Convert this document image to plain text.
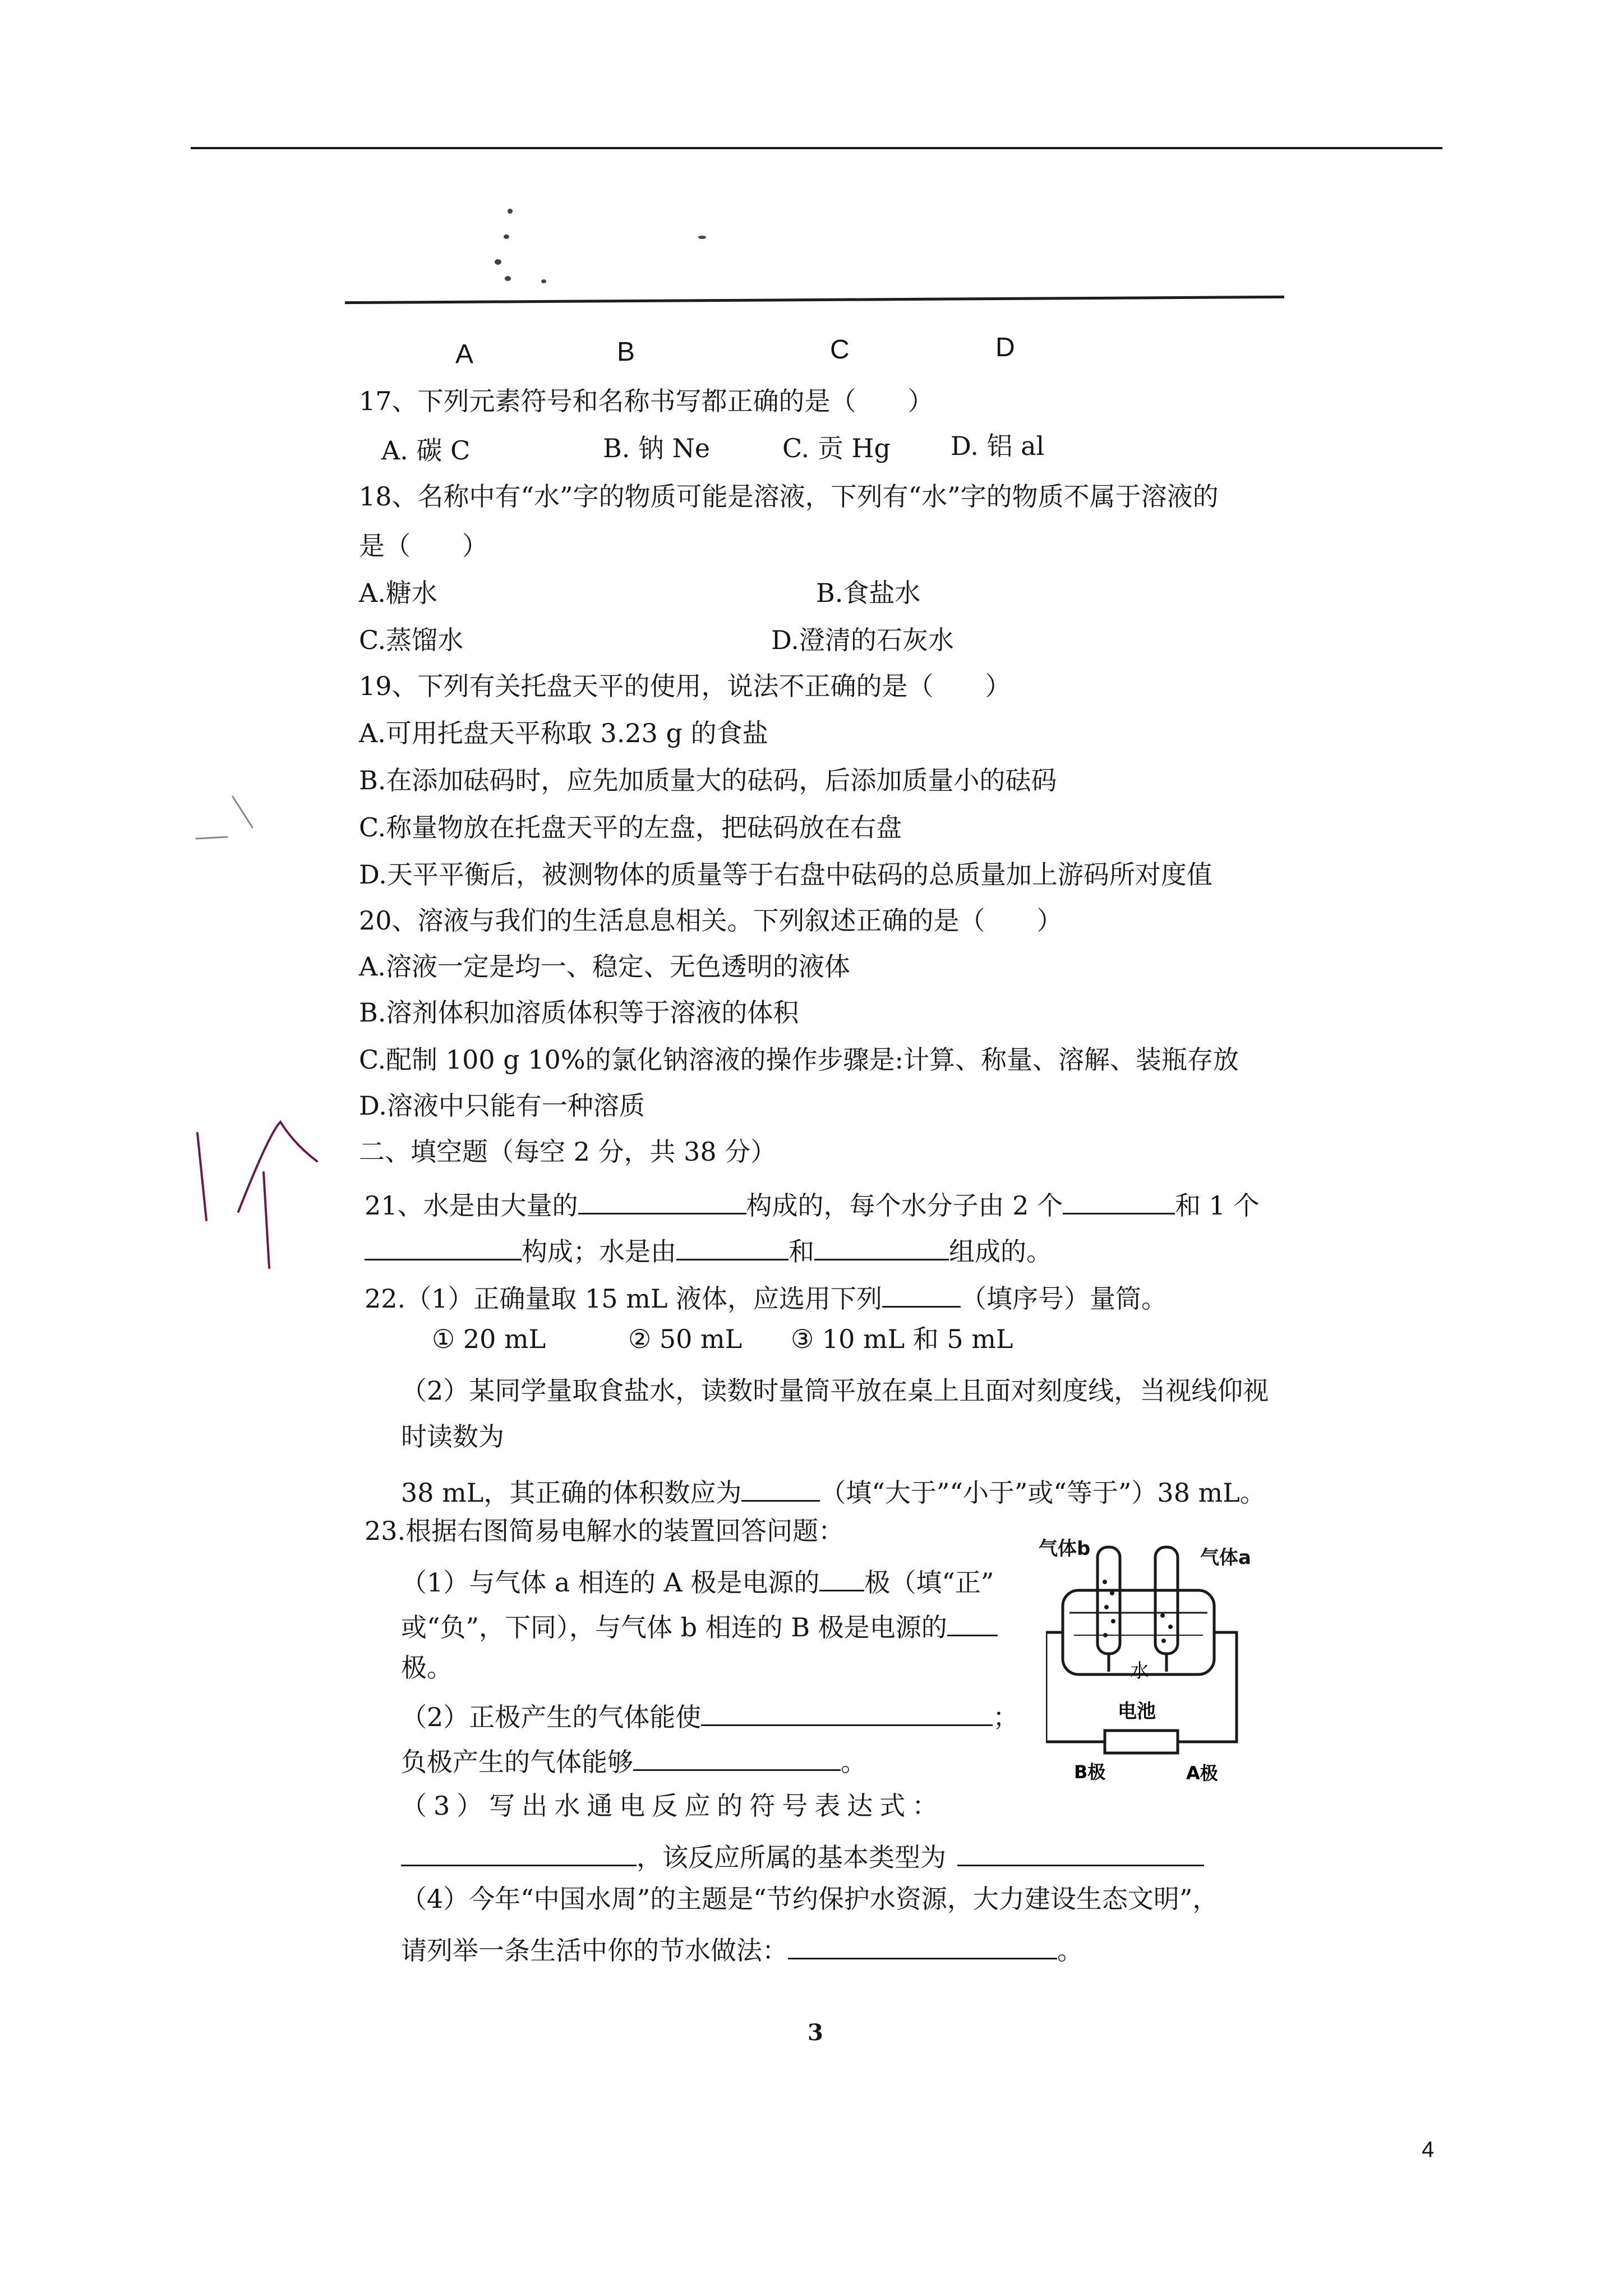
A	B	C	D
17、下列元素符号和名称书写都正确的是（　　）
A. 碳 C	B. 钠 Ne	C. 贡 Hg D. 铝 al
18、名称中有“水”字的物质可能是溶液，下列有“水”字的物质不属于溶液的
是（　　）
A.糖水	B.食盐水
C.蒸馏水	D.澄清的石灰水
19、下列有关托盘天平的使用，说法不正确的是（　　）
A.可用托盘天平称取 3.23 g 的食盐
B.在添加砝码时，应先加质量大的砝码，后添加质量小的砝码
C.称量物放在托盘天平的左盘，把砝码放在右盘
D.天平平衡后，被测物体的质量等于右盘中砝码的总质量加上游码所对度值
20、溶液与我们的生活息息相关。下列叙述正确的是（　　）
A.溶液一定是均一、稳定、无色透明的液体
B.溶剂体积加溶质体积等于溶液的体积
C.配制 100 g 10%的氯化钠溶液的操作步骤是:计算、称量、溶解、装瓶存放
D.溶液中只能有一种溶质
二、填空题（每空 2 分，共 38 分）
21、水是由大量的	构成的，每个水分子由 2 个	和 1 个
构成；水是由	和	组成的。
22.（1）正确量取 15 mL 液体，应选用下列	（填序号）量筒。
① 20 mL	② 50 mL ③ 10 mL 和 5 mL
（2）某同学量取食盐水，读数时量筒平放在桌上且面对刻度线，当视线仰视
时读数为
38 mL，其正确的体积数应为	（填“大于”“小于”或“等于”）38 mL。
23.根据右图简易电解水的装置回答问题：
（1）与气体 a 相连的 A 极是电源的 极（填“正”
或“负”，下同），与气体 b 相连的 B 极是电源的
极。
（2）正极产生的气体能使	；
负极产生的气体能够	。
（3）写出水通电反应的符号表达式：
，该反应所属的基本类型为
（4）今年“中国水周”的主题是“节约保护水资源，大力建设生态文明”，
请列举一条生活中你的节水做法：	。
水
电池
B极	A极
气体b	气体a
3
4
